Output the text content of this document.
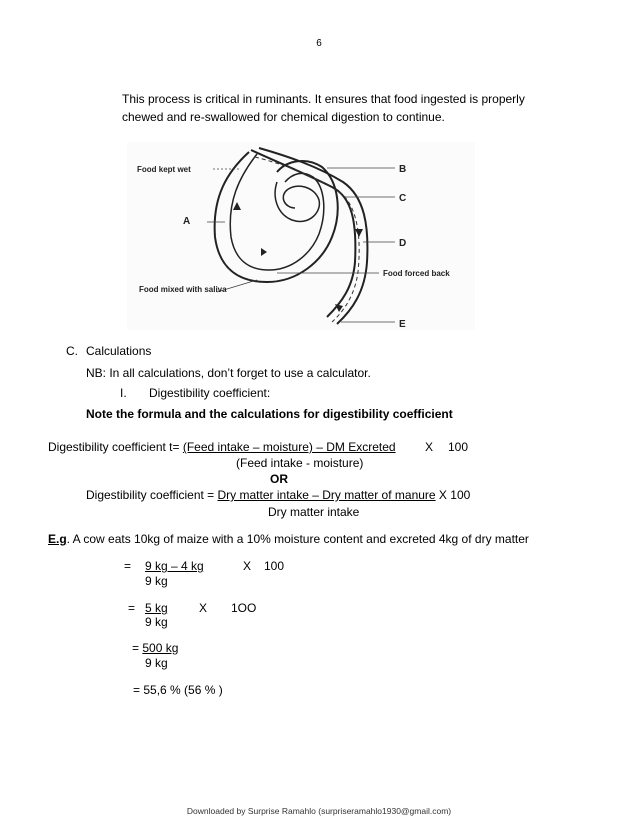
6
This process is critical in ruminants. It ensures that food ingested is properly
chewed and re-swallowed for chemical digestion to continue.
Food kept wet	B
C
A
D
Food forced back
Food mixed with saliva
E
C. Calculations
NB: In all calculations, don’t forget to use a calculator.
I. Digestibility coefficient:
Note the formula and the calculations for digestibility coefficient
Digestibility coefficient t= (Feed intake – moisture) – DM Excreted X 100
(Feed intake - moisture)
OR
Digestibility coefficient = Dry matter intake – Dry matter of manure X 100
Dry matter intake
E.g. A cow eats 10kg of maize with a 10% moisture content and excreted 4kg of dry matter
= 9 kg – 4 kg	X 100
9 kg
= 5 kg	X 1OO
9 kg
= 500 kg
9 kg
= 55,6 % (56 % )
Downloaded by Surprise Ramahlo (surpriseramahlo1930@gmail.com)
